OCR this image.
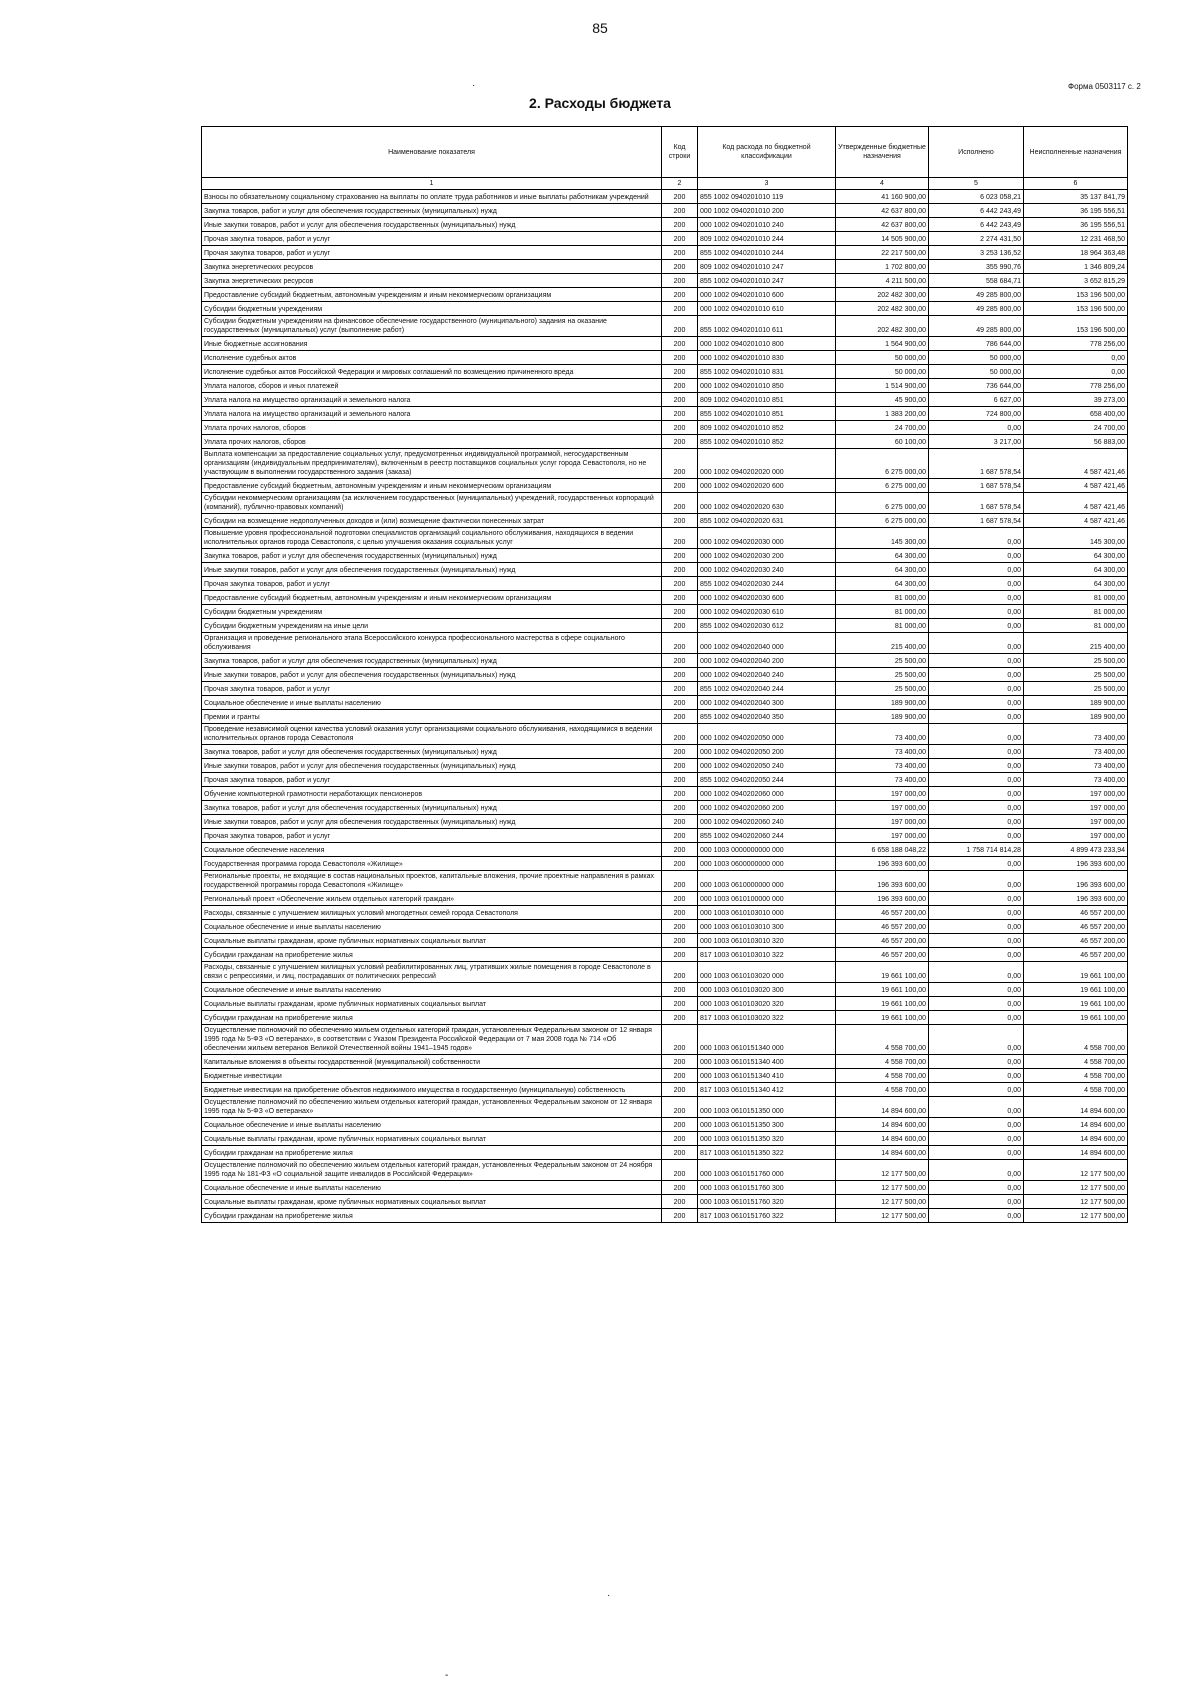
85
·	Форма 0503117 с. 2
2. Расходы бюджета
Наименование показателя	Код строки	Код расхода по бюджетной классификации	Утвержденные бюджетные назначения	Исполнено	Неисполненные назначения
1	2	3	4	5	6
Взносы по обязательному социальному страхованию на выплаты по оплате труда работников и иные выплаты работникам учреждений	200	855 1002 0940201010 119	41 160 900,00	6 023 058,21	35 137 841,79
Закупка товаров, работ и услуг для обеспечения государственных (муниципальных) нужд	200	000 1002 0940201010 200	42 637 800,00	6 442 243,49	36 195 556,51
Иные закупки товаров, работ и услуг для обеспечения государственных (муниципальных) нужд	200	000 1002 0940201010 240	42 637 800,00	6 442 243,49	36 195 556,51
Прочая закупка товаров, работ и услуг	200	809 1002 0940201010 244	14 505 900,00	2 274 431,50	12 231 468,50
Прочая закупка товаров, работ и услуг	200	855 1002 0940201010 244	22 217 500,00	3 253 136,52	18 964 363,48
Закупка энергетических ресурсов	200	809 1002 0940201010 247	1 702 800,00	355 990,76	1 346 809,24
Закупка энергетических ресурсов	200	855 1002 0940201010 247	4 211 500,00	558 684,71	3 652 815,29
Предоставление субсидий бюджетным, автономным учреждениям и иным некоммерческим организациям	200	000 1002 0940201010 600	202 482 300,00	49 285 800,00	153 196 500,00
Субсидии бюджетным учреждениям	200	000 1002 0940201010 610	202 482 300,00	49 285 800,00	153 196 500,00
Субсидии бюджетным учреждениям на финансовое обеспечение государственного (муниципального) задания на оказание государственных (муниципальных) услуг (выполнение работ)	200	855 1002 0940201010 611	202 482 300,00	49 285 800,00	153 196 500,00
Иные бюджетные ассигнования	200	000 1002 0940201010 800	1 564 900,00	786 644,00	778 256,00
Исполнение судебных актов	200	000 1002 0940201010 830	50 000,00	50 000,00	0,00
Исполнение судебных актов Российской Федерации и мировых соглашений по возмещению причиненного вреда	200	855 1002 0940201010 831	50 000,00	50 000,00	0,00
Уплата налогов, сборов и иных платежей	200	000 1002 0940201010 850	1 514 900,00	736 644,00	778 256,00
Уплата налога на имущество организаций и земельного налога	200	809 1002 0940201010 851	45 900,00	6 627,00	39 273,00
Уплата налога на имущество организаций и земельного налога	200	855 1002 0940201010 851	1 383 200,00	724 800,00	658 400,00
Уплата прочих налогов, сборов	200	809 1002 0940201010 852	24 700,00	0,00	24 700,00
Уплата прочих налогов, сборов	200	855 1002 0940201010 852	60 100,00	3 217,00	56 883,00
Выплата компенсации за предоставление социальных услуг, предусмотренных индивидуальной программой, негосударственным организациям (индивидуальным предпринимателям), включенным в реестр поставщиков социальных услуг города Севастополя, но не участвующим в выполнении государственного задания (заказа)	200	000 1002 0940202020 000	6 275 000,00	1 687 578,54	4 587 421,46
Предоставление субсидий бюджетным, автономным учреждениям и иным некоммерческим организациям	200	000 1002 0940202020 600	6 275 000,00	1 687 578,54	4 587 421,46
Субсидии некоммерческим организациям (за исключением государственных (муниципальных) учреждений, государственных корпораций (компаний), публично-правовых компаний)	200	000 1002 0940202020 630	6 275 000,00	1 687 578,54	4 587 421,46
Субсидии на возмещение недополученных доходов и (или) возмещение фактически понесенных затрат	200	855 1002 0940202020 631	6 275 000,00	1 687 578,54	4 587 421,46
Повышение уровня профессиональной подготовки специалистов организаций социального обслуживания, находящихся в ведении исполнительных органов города Севастополя, с целью улучшения оказания социальных услуг	200	000 1002 0940202030 000	145 300,00	0,00	145 300,00
Закупка товаров, работ и услуг для обеспечения государственных (муниципальных) нужд	200	000 1002 0940202030 200	64 300,00	0,00	64 300,00
Иные закупки товаров, работ и услуг для обеспечения государственных (муниципальных) нужд	200	000 1002 0940202030 240	64 300,00	0,00	64 300,00
Прочая закупка товаров, работ и услуг	200	855 1002 0940202030 244	64 300,00	0,00	64 300,00
Предоставление субсидий бюджетным, автономным учреждениям и иным некоммерческим организациям	200	000 1002 0940202030 600	81 000,00	0,00	81 000,00
Субсидии бюджетным учреждениям	200	000 1002 0940202030 610	81 000,00	0,00	81 000,00
Субсидии бюджетным учреждениям на иные цели	200	855 1002 0940202030 612	81 000,00	0,00	81 000,00
Организация и проведение регионального этапа Всероссийского конкурса профессионального мастерства в сфере социального обслуживания	200	000 1002 0940202040 000	215 400,00	0,00	215 400,00
Закупка товаров, работ и услуг для обеспечения государственных (муниципальных) нужд	200	000 1002 0940202040 200	25 500,00	0,00	25 500,00
Иные закупки товаров, работ и услуг для обеспечения государственных (муниципальных) нужд	200	000 1002 0940202040 240	25 500,00	0,00	25 500,00
Прочая закупка товаров, работ и услуг	200	855 1002 0940202040 244	25 500,00	0,00	25 500,00
Социальное обеспечение и иные выплаты населению	200	000 1002 0940202040 300	189 900,00	0,00	189 900,00
Премии и гранты	200	855 1002 0940202040 350	189 900,00	0,00	189 900,00
Проведение независимой оценки качества условий оказания услуг организациями социального обслуживания, находящимися в ведении исполнительных органов города Севастополя	200	000 1002 0940202050 000	73 400,00	0,00	73 400,00
Закупка товаров, работ и услуг для обеспечения государственных (муниципальных) нужд	200	000 1002 0940202050 200	73 400,00	0,00	73 400,00
Иные закупки товаров, работ и услуг для обеспечения государственных (муниципальных) нужд	200	000 1002 0940202050 240	73 400,00	0,00	73 400,00
Прочая закупка товаров, работ и услуг	200	855 1002 0940202050 244	73 400,00	0,00	73 400,00
Обучение компьютерной грамотности неработающих пенсионеров	200	000 1002 0940202060 000	197 000,00	0,00	197 000,00
Закупка товаров, работ и услуг для обеспечения государственных (муниципальных) нужд	200	000 1002 0940202060 200	197 000,00	0,00	197 000,00
Иные закупки товаров, работ и услуг для обеспечения государственных (муниципальных) нужд	200	000 1002 0940202060 240	197 000,00	0,00	197 000,00
Прочая закупка товаров, работ и услуг	200	855 1002 0940202060 244	197 000,00	0,00	197 000,00
Социальное обеспечение населения	200	000 1003 0000000000 000	6 658 188 048,22	1 758 714 814,28	4 899 473 233,94
Государственная программа города Севастополя «Жилище»	200	000 1003 0600000000 000	196 393 600,00	0,00	196 393 600,00
Региональные проекты, не входящие в состав национальных проектов, капитальные вложения, прочие проектные направления в рамках государственной программы города Севастополя «Жилище»	200	000 1003 0610000000 000	196 393 600,00	0,00	196 393 600,00
Региональный проект «Обеспечение жильем отдельных категорий граждан»	200	000 1003 0610100000 000	196 393 600,00	0,00	196 393 600,00
Расходы, связанные с улучшением жилищных условий многодетных семей города Севастополя	200	000 1003 0610103010 000	46 557 200,00	0,00	46 557 200,00
Социальное обеспечение и иные выплаты населению	200	000 1003 0610103010 300	46 557 200,00	0,00	46 557 200,00
Социальные выплаты гражданам, кроме публичных нормативных социальных выплат	200	000 1003 0610103010 320	46 557 200,00	0,00	46 557 200,00
Субсидии гражданам на приобретение жилья	200	817 1003 0610103010 322	46 557 200,00	0,00	46 557 200,00
Расходы, связанные с улучшением жилищных условий реабилитированных лиц, утративших жилые помещения в городе Севастополе в связи с репрессиями, и лиц, пострадавших от политических репрессий	200	000 1003 0610103020 000	19 661 100,00	0,00	19 661 100,00
Социальное обеспечение и иные выплаты населению	200	000 1003 0610103020 300	19 661 100,00	0,00	19 661 100,00
Социальные выплаты гражданам, кроме публичных нормативных социальных выплат	200	000 1003 0610103020 320	19 661 100,00	0,00	19 661 100,00
Субсидии гражданам на приобретение жилья	200	817 1003 0610103020 322	19 661 100,00	0,00	19 661 100,00
Осуществление полномочий по обеспечению жильем отдельных категорий граждан, установленных Федеральным законом от 12 января 1995 года № 5-ФЗ «О ветеранах», в соответствии с Указом Президента Российской Федерации от 7 мая 2008 года № 714 «Об обеспечении жильем ветеранов Великой Отечественной войны 1941–1945 годов»	200	000 1003 0610151340 000	4 558 700,00	0,00	4 558 700,00
Капитальные вложения в объекты государственной (муниципальной) собственности	200	000 1003 0610151340 400	4 558 700,00	0,00	4 558 700,00
Бюджетные инвестиции	200	000 1003 0610151340 410	4 558 700,00	0,00	4 558 700,00
Бюджетные инвестиции на приобретение объектов недвижимого имущества в государственную (муниципальную) собственность	200	817 1003 0610151340 412	4 558 700,00	0,00	4 558 700,00
Осуществление полномочий по обеспечению жильем отдельных категорий граждан, установленных Федеральным законом от 12 января 1995 года № 5-ФЗ «О ветеранах»	200	000 1003 0610151350 000	14 894 600,00	0,00	14 894 600,00
Социальное обеспечение и иные выплаты населению	200	000 1003 0610151350 300	14 894 600,00	0,00	14 894 600,00
Социальные выплаты гражданам, кроме публичных нормативных социальных выплат	200	000 1003 0610151350 320	14 894 600,00	0,00	14 894 600,00
Субсидии гражданам на приобретение жилья	200	817 1003 0610151350 322	14 894 600,00	0,00	14 894 600,00
Осуществление полномочий по обеспечению жильем отдельных категорий граждан, установленных Федеральным законом от 24 ноября 1995 года № 181-ФЗ «О социальной защите инвалидов в Российской Федерации»	200	000 1003 0610151760 000	12 177 500,00	0,00	12 177 500,00
Социальное обеспечение и иные выплаты населению	200	000 1003 0610151760 300	12 177 500,00	0,00	12 177 500,00
Социальные выплаты гражданам, кроме публичных нормативных социальных выплат	200	000 1003 0610151760 320	12 177 500,00	0,00	12 177 500,00
Субсидии гражданам на приобретение жилья	200	817 1003 0610151760 322	12 177 500,00	0,00	12 177 500,00
·
-
